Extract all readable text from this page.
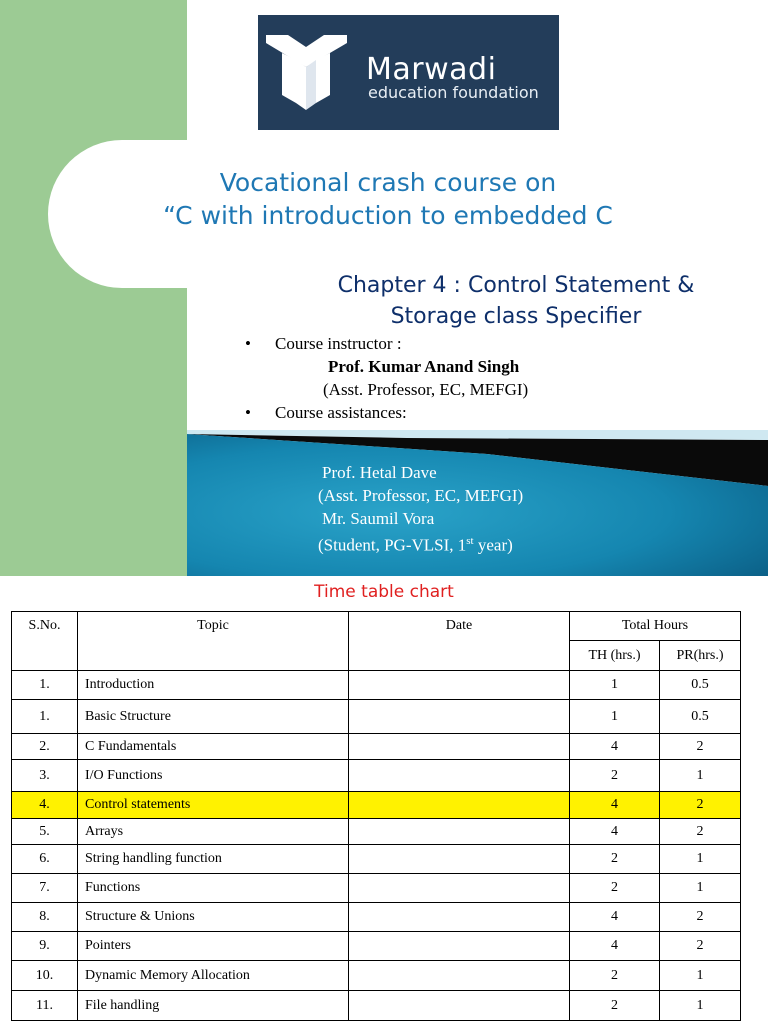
Marwadi
education foundation
Vocational crash course on
“C with introduction to embedded C
Chapter 4 : Control Statement &
Storage class Specifier
•	Course instructor :
Prof. Kumar Anand Singh
(Asst. Professor, EC, MEFGI)
•	Course assistances:
Prof. Hetal Dave
(Asst. Professor, EC, MEFGI)
Mr. Saumil Vora
(Student, PG-VLSI, 1st year)
Time table chart
S.No.	Topic	Date	Total Hours	
			TH (hrs.)	PR(hrs.)
1.	Introduction		1	0.5
1.	Basic Structure		1	0.5
2.	C Fundamentals		4	2
3.	I/O Functions		2	1
4.	Control statements		4	2
5.	Arrays		4	2
6.	String handling function		2	1
7.	Functions		2	1
8.	Structure & Unions		4	2
9.	Pointers		4	2
10.	Dynamic Memory Allocation		2	1
11.	File handling		2	1
